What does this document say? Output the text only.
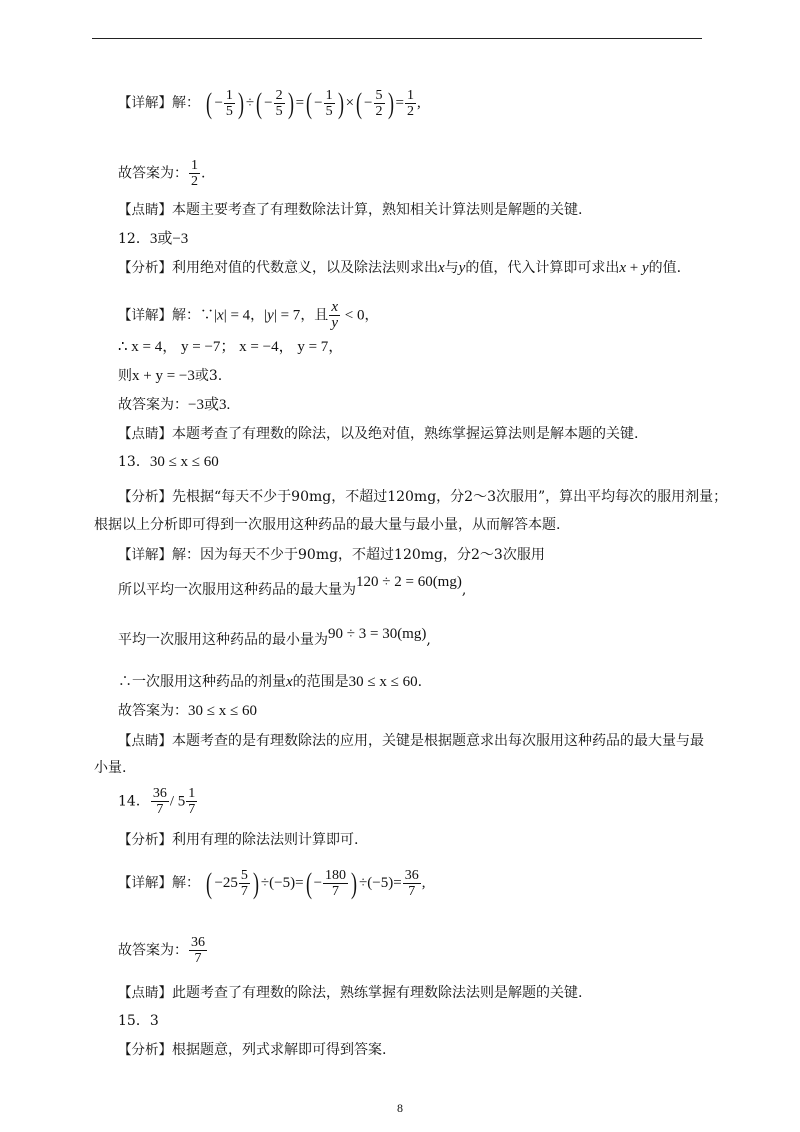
【详解】解： ( − $\frac{1}{5}$ ) ÷( − $\frac{2}{5}$ ) =( − $\frac{1}{5}$ ) ×( − $\frac{5}{2}$ ) = $\frac{1}{2}$ ,
故答案为： $\frac{1}{2}$ .
【点睛】本题主要考查了有理数除法计算，熟知相关计算法则是解题的关键.
12．3或−3
【分析】利用绝对值的代数意义，以及除法法则求出x与y的值，代入计算即可求出x + y的值.
【详解】解：∵|x| = 4，|y| = 7，且 $\frac{x}{y} < 0$，
∴ x = 4， y = −7； x = −4， y = 7，
则x + y = −3或3.
故答案为：−3或3.
【点睛】本题考查了有理数的除法，以及绝对值，熟练掌握运算法则是解本题的关键.
13．30 ≤ x ≤ 60
【分析】先根据“每天不少于90mg，不超过120mg，分2～3次服用”，算出平均每次的服用剂量；
根据以上分析即可得到一次服用这种药品的最大量与最小量，从而解答本题.
【详解】解：因为每天不少于90mg，不超过120mg，分2～3次服用
所以平均一次服用这种药品的最大量为120 ÷ 2 = 60(mg),
平均一次服用这种药品的最小量为90 ÷ 3 = 30(mg),
∴一次服用这种药品的剂量x的范围是30 ≤ x ≤ 60.
故答案为：30 ≤ x ≤ 60
【点睛】本题考查的是有理数除法的应用，关键是根据题意求出每次服用这种药品的最大量与最
小量.
14． $\frac{36}{7} / 5 \frac{1}{7}$
【分析】利用有理的除法法则计算即可.
【详解】解： ( $-25 \frac{5}{7}$ ) $\div(-5)=( - \frac{180}{7}$ ) $\div(-5)= \frac{36}{7}$ ,
故答案为： $\frac{36}{7}$
【点睛】此题考查了有理数的除法，熟练掌握有理数除法法则是解题的关键.
15．3
【分析】根据题意，列式求解即可得到答案.
8
